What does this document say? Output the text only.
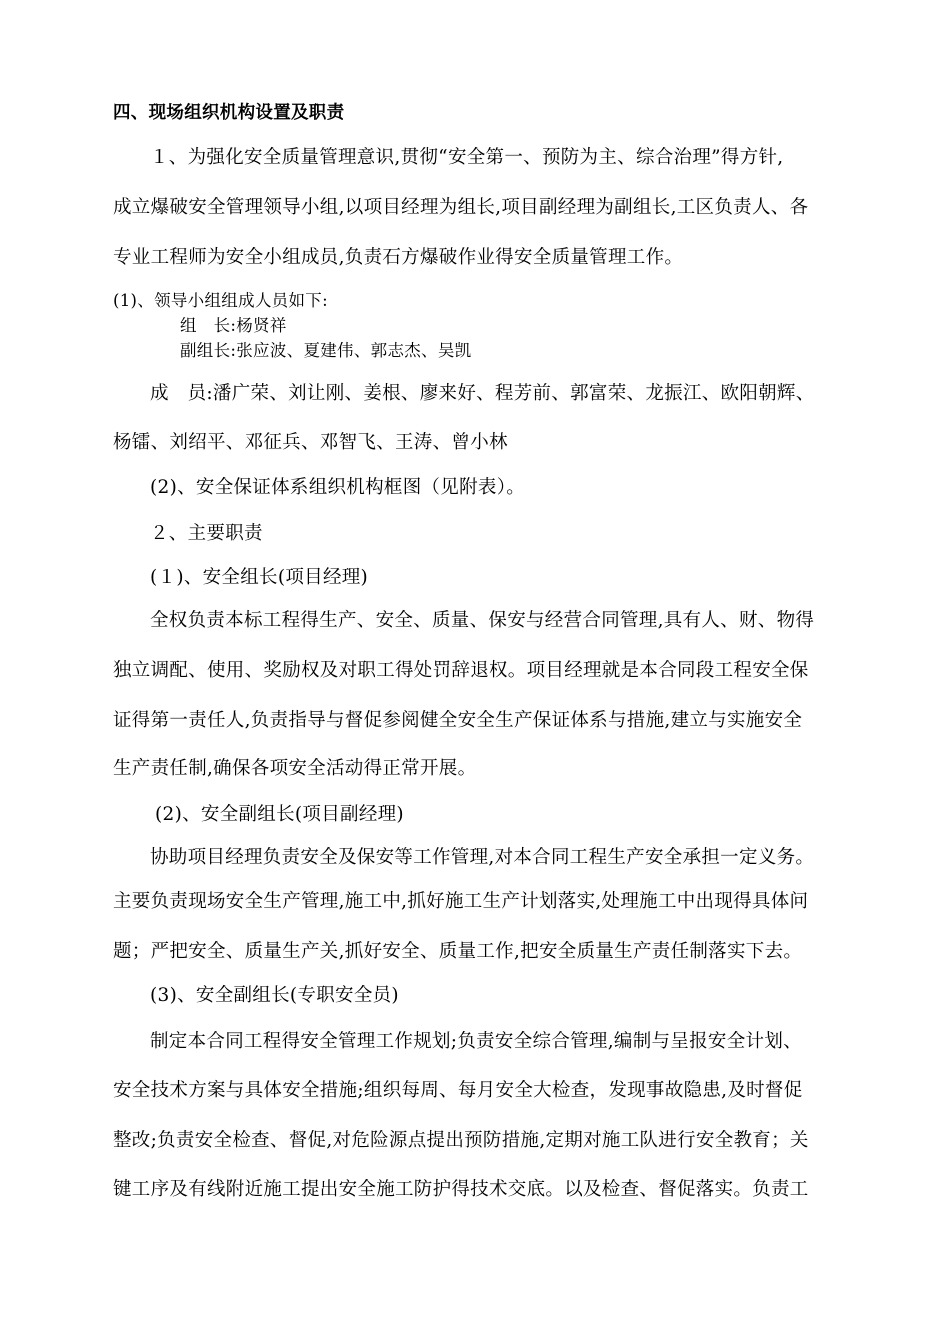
四、现场组织机构设置及职责
１、为强化安全质量管理意识,贯彻“安全第一、预防为主、综合治理”得方针,
成立爆破安全管理领导小组,以项目经理为组长,项目副经理为副组长,工区负责人、各
专业工程师为安全小组成员,负责石方爆破作业得安全质量管理工作。
(1)、领导小组组成人员如下:
组　长:杨贤祥
副组长:张应波、夏建伟、郭志杰、吴凯
成　员:潘广荣、刘让刚、姜根、廖来好、程芳前、郭富荣、龙振江、欧阳朝辉、
杨镭、刘绍平、邓征兵、邓智飞、王涛、曾小林
(2)、安全保证体系组织机构框图（见附表）。
２、主要职责
(１)、安全组长(项目经理)
全权负责本标工程得生产、安全、质量、保安与经营合同管理,具有人、财、物得
独立调配、使用、奖励权及对职工得处罚辞退权。项目经理就是本合同段工程安全保
证得第一责任人,负责指导与督促参阅健全安全生产保证体系与措施,建立与实施安全
生产责任制,确保各项安全活动得正常开展。
(2)、安全副组长(项目副经理)
协助项目经理负责安全及保安等工作管理,对本合同工程生产安全承担一定义务。
主要负责现场安全生产管理,施工中,抓好施工生产计划落实,处理施工中出现得具体问
题；严把安全、质量生产关,抓好安全、质量工作,把安全质量生产责任制落实下去。
(3)、安全副组长(专职安全员)
制定本合同工程得安全管理工作规划;负责安全综合管理,编制与呈报安全计划、
安全技术方案与具体安全措施;组织每周、每月安全大检查，发现事故隐患,及时督促
整改;负责安全检查、督促,对危险源点提出预防措施,定期对施工队进行安全教育；关
键工序及有线附近施工提出安全施工防护得技术交底。以及检查、督促落实。负责工
